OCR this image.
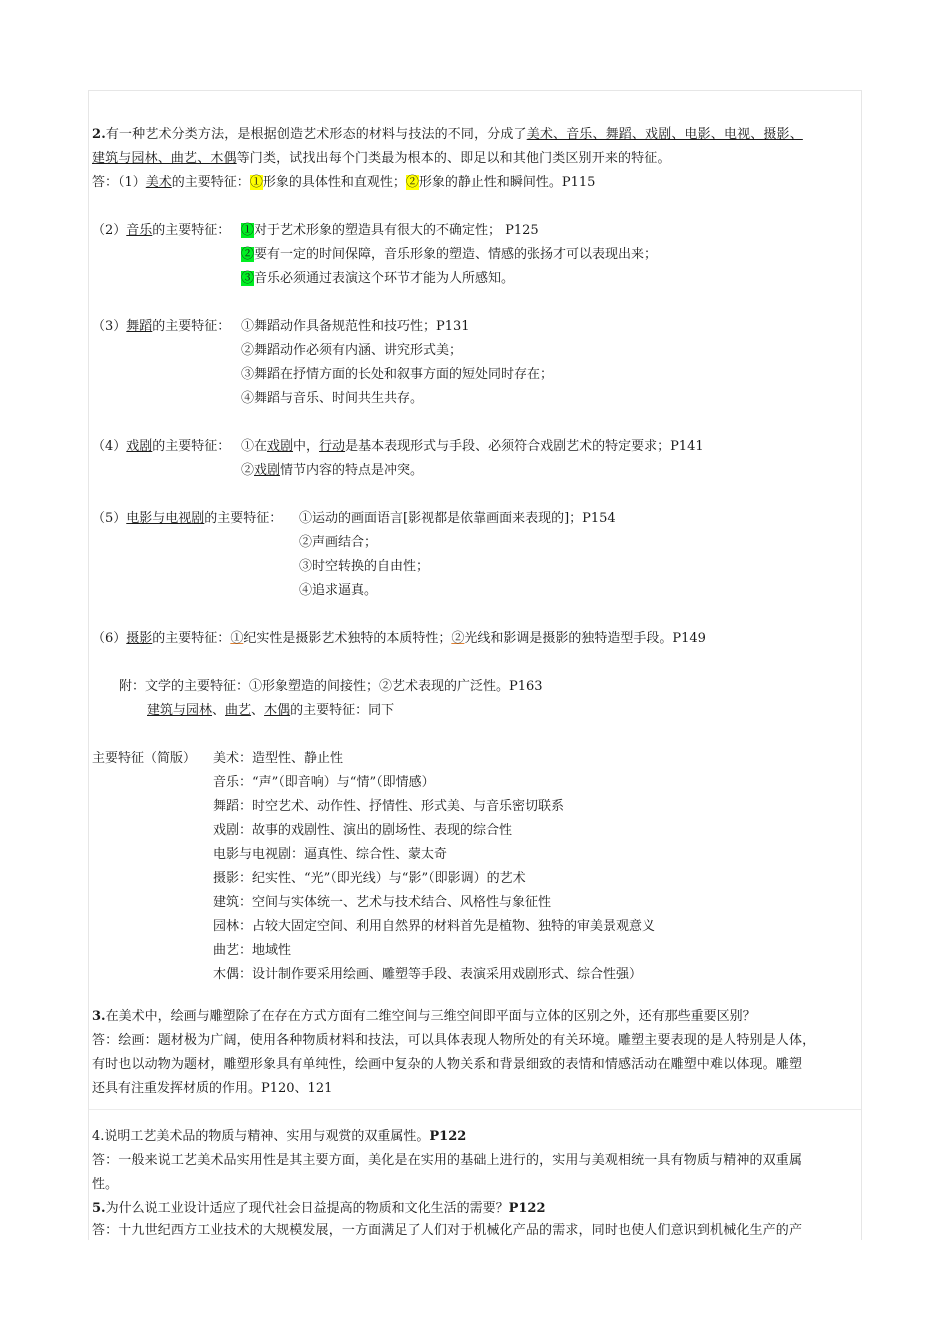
2.有一种艺术分类方法，是根据创造艺术形态的材料与技法的不同，分成了美术、音乐、舞蹈、戏剧、电影、电视、摄影、
建筑与园林、曲艺、木偶等门类，试找出每个门类最为根本的、即足以和其他门类区别开来的特征。
答：（1）美术的主要特征：①形象的具体性和直观性；②形象的静止性和瞬间性。P115
（2）音乐的主要特征： ①对于艺术形象的塑造具有很大的不确定性； P125
②要有一定的时间保障，音乐形象的塑造、情感的张扬才可以表现出来；
③音乐必须通过表演这个环节才能为人所感知。
（3）舞蹈的主要特征： ①舞蹈动作具备规范性和技巧性；P131
②舞蹈动作必须有内涵、讲究形式美；
③舞蹈在抒情方面的长处和叙事方面的短处同时存在；
④舞蹈与音乐、时间共生共存。
（4）戏剧的主要特征： ①在戏剧中，行动是基本表现形式与手段、必须符合戏剧艺术的特定要求；P141
②戏剧情节内容的特点是冲突。
（5）电影与电视剧的主要特征： ①运动的画面语言[影视都是依靠画面来表现的]；P154
②声画结合；
③时空转换的自由性；
④追求逼真。
（6）摄影的主要特征：①纪实性是摄影艺术独特的本质特性；②光线和影调是摄影的独特造型手段。P149
附：文学的主要特征：①形象塑造的间接性；②艺术表现的广泛性。P163
建筑与园林、曲艺、木偶的主要特征：同下
主要特征（简版） 美术：造型性、静止性
音乐：“声”（即音响）与“情”（即情感）
舞蹈：时空艺术、动作性、抒情性、形式美、与音乐密切联系
戏剧：故事的戏剧性、演出的剧场性、表现的综合性
电影与电视剧：逼真性、综合性、蒙太奇
摄影：纪实性、“光”（即光线）与“影”（即影调）的艺术
建筑：空间与实体统一、艺术与技术结合、风格性与象征性
园林：占较大固定空间、利用自然界的材料首先是植物、独特的审美景观意义
曲艺：地域性
木偶：设计制作要采用绘画、雕塑等手段、表演采用戏剧形式、综合性强）
3.在美术中，绘画与雕塑除了在存在方式方面有二维空间与三维空间即平面与立体的区别之外，还有那些重要区别？
答：绘画：题材极为广阔，使用各种物质材料和技法，可以具体表现人物所处的有关环境。雕塑主要表现的是人特别是人体，
有时也以动物为题材，雕塑形象具有单纯性，绘画中复杂的人物关系和背景细致的表情和情感活动在雕塑中难以体现。雕塑
还具有注重发挥材质的作用。P120、121
4.说明工艺美术品的物质与精神、实用与观赏的双重属性。P122
答：一般来说工艺美术品实用性是其主要方面，美化是在实用的基础上进行的，实用与美观相统一具有物质与精神的双重属
性。
5.为什么说工业设计适应了现代社会日益提高的物质和文化生活的需要？P122
答：十九世纪西方工业技术的大规模发展，一方面满足了人们对于机械化产品的需求，同时也使人们意识到机械化生产的产
